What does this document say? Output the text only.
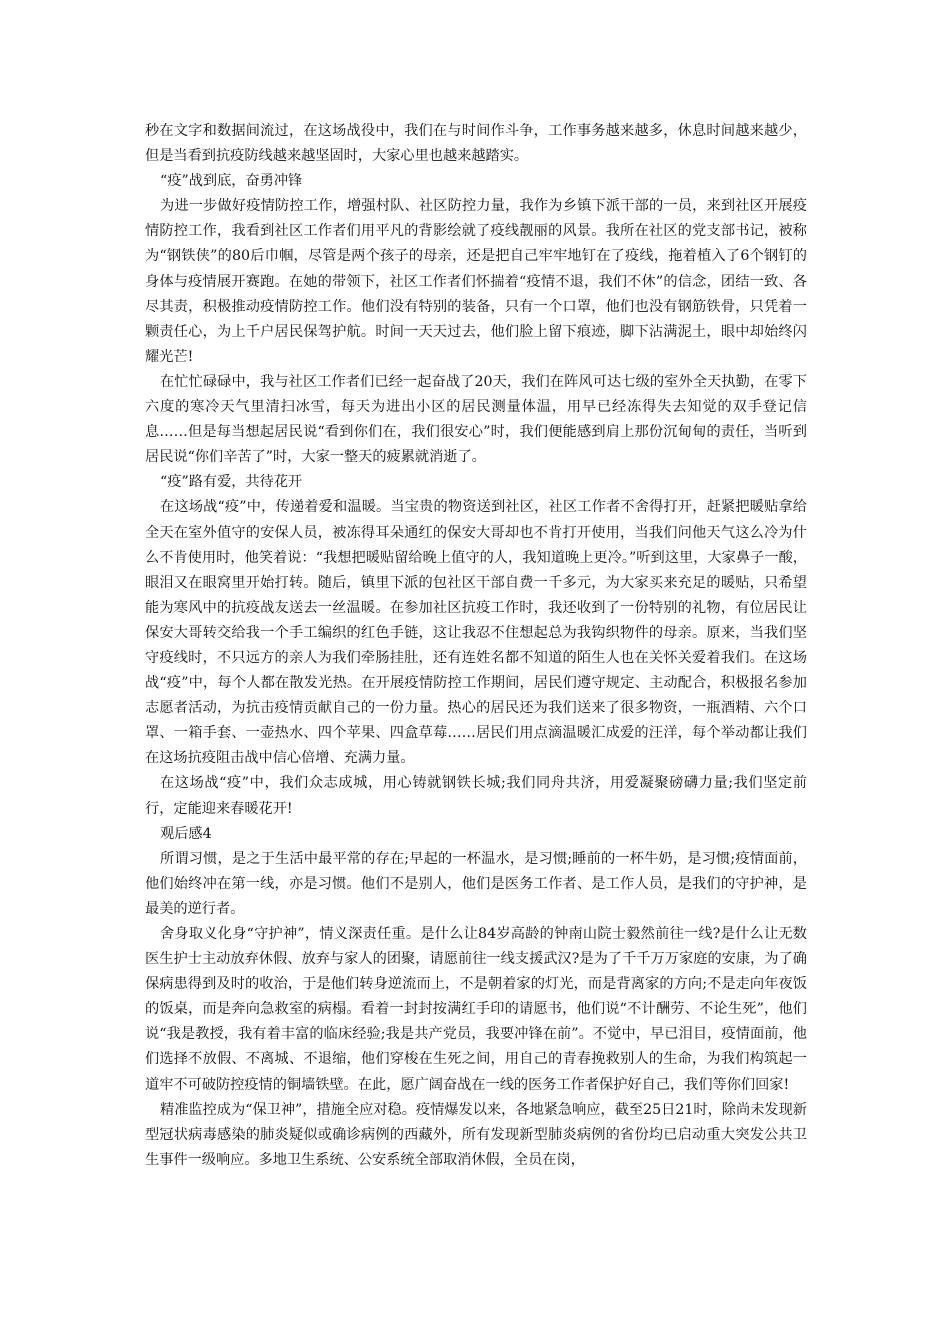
秒在文字和数据间流过，在这场战役中，我们在与时间作斗争，工作事务越来越多，休息时间越来越少，但是当看到抗疫防线越来越坚固时，大家心里也越来越踏实。

“疫”战到底，奋勇冲锋

为进一步做好疫情防控工作，增强村队、社区防控力量，我作为乡镇下派干部的一员，来到社区开展疫情防控工作，我看到社区工作者们用平凡的背影绘就了疫线靓丽的风景。我所在社区的党支部书记，被称为“钢铁侠”的80后巾帼，尽管是两个孩子的母亲，还是把自己牢牢地钉在了疫线，拖着植入了6个钢钉的身体与疫情展开赛跑。在她的带领下，社区工作者们怀揣着“疫情不退，我们不休”的信念，团结一致、各尽其责，积极推动疫情防控工作。他们没有特别的装备，只有一个口罩，他们也没有钢筋铁骨，只凭着一颗责任心，为上千户居民保驾护航。时间一天天过去，他们脸上留下痕迹，脚下沾满泥土，眼中却始终闪耀光芒!

在忙忙碌碌中，我与社区工作者们已经一起奋战了20天，我们在阵风可达七级的室外全天执勤，在零下六度的寒冷天气里清扫冰雪，每天为进出小区的居民测量体温，用早已经冻得失去知觉的双手登记信息……但是每当想起居民说“看到你们在，我们很安心”时，我们便能感到肩上那份沉甸甸的责任，当听到居民说“你们辛苦了”时，大家一整天的疲累就消逝了。

“疫”路有爱，共待花开

在这场战“疫”中，传递着爱和温暖。当宝贵的物资送到社区，社区工作者不舍得打开，赶紧把暖贴拿给全天在室外值守的安保人员，被冻得耳朵通红的保安大哥却也不肯打开使用，当我们问他天气这么冷为什么不肯使用时，他笑着说：“我想把暖贴留给晚上值守的人，我知道晚上更冷。”听到这里，大家鼻子一酸，眼泪又在眼窝里开始打转。随后，镇里下派的包社区干部自费一千多元，为大家买来充足的暖贴，只希望能为寒风中的抗疫战友送去一丝温暖。在参加社区抗疫工作时，我还收到了一份特别的礼物，有位居民让保安大哥转交给我一个手工编织的红色手链，这让我忍不住想起总为我钩织物件的母亲。原来，当我们坚守疫线时，不只远方的亲人为我们牵肠挂肚，还有连姓名都不知道的陌生人也在关怀关爱着我们。在这场战“疫”中，每个人都在散发光热。在开展疫情防控工作期间，居民们遵守规定、主动配合，积极报名参加志愿者活动，为抗击疫情贡献自己的一份力量。热心的居民还为我们送来了很多物资，一瓶酒精、六个口罩、一箱手套、一壶热水、四个苹果、四盒草莓……居民们用点滴温暖汇成爱的汪洋，每个举动都让我们在这场抗疫阻击战中信心倍增、充满力量。

在这场战“疫”中，我们众志成城，用心铸就钢铁长城;我们同舟共济，用爱凝聚磅礴力量;我们坚定前行，定能迎来春暖花开!

观后感4

所谓习惯，是之于生活中最平常的存在;早起的一杯温水，是习惯;睡前的一杯牛奶，是习惯;疫情面前，他们始终冲在第一线，亦是习惯。他们不是别人，他们是医务工作者、是工作人员，是我们的守护神，是最美的逆行者。

舍身取义化身“守护神”，情义深责任重。是什么让84岁高龄的钟南山院士毅然前往一线?是什么让无数医生护士主动放弃休假、放弃与家人的团聚，请愿前往一线支援武汉?是为了千千万万家庭的安康，为了确保病患得到及时的收治，于是他们转身逆流而上，不是朝着家的灯光，而是背离家的方向;不是走向年夜饭的饭桌，而是奔向急救室的病榻。看着一封封按满红手印的请愿书，他们说“不计酬劳、不论生死”，他们说“我是教授，我有着丰富的临床经验;我是共产党员，我要冲锋在前”。不觉中，早已泪目，疫情面前，他们选择不放假、不离城、不退缩，他们穿梭在生死之间，用自己的青春挽救别人的生命，为我们构筑起一道牢不可破防控疫情的铜墙铁壁。在此，愿广阔奋战在一线的医务工作者保护好自己，我们等你们回家!

精准监控成为“保卫神”，措施全应对稳。疫情爆发以来，各地紧急响应，截至25日21时，除尚未发现新型冠状病毒感染的肺炎疑似或确诊病例的西藏外，所有发现新型肺炎病例的省份均已启动重大突发公共卫生事件一级响应。多地卫生系统、公安系统全部取消休假，全员在岗，
